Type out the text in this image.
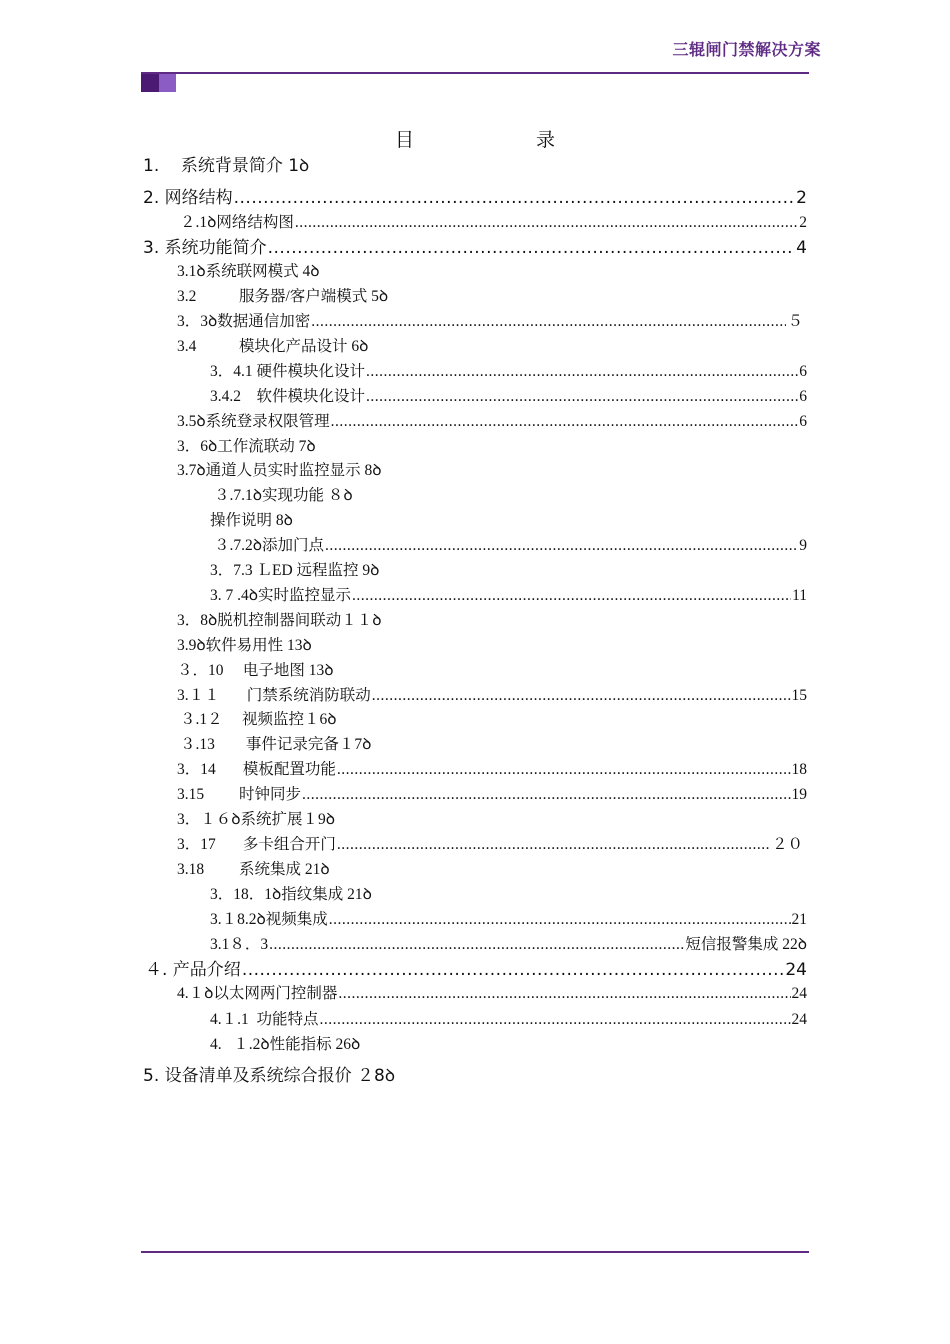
三辊闸门禁解决方案
目　　录
1.    系统背景简介 1ꝺ
2. 网络结构 .....	2
２.1ꝺ网络结构图 .....	2
3. 系统功能简介 .....	4
3.1ꝺ系统联网模式 4ꝺ
3.2           服务器/客户端模式 5ꝺ
3．3ꝺ数据通信加密 .....	５
3.4           模块化产品设计 6ꝺ
3．4.1 硬件模块化设计 .....	6
3.4.2    软件模块化设计 .....	6
3.5ꝺ系统登录权限管理 .....	6
3．6ꝺ工作流联动 7ꝺ
3.7ꝺ通道人员实时监控显示 8ꝺ
３.7.1ꝺ实现功能 ８ꝺ
操作说明 8ꝺ
３.7.2ꝺ添加门点 .....	9
3．7.3 ＬED 远程监控 9ꝺ
3. 7 .4ꝺ实时监控显示 .....	11
3．8ꝺ脱机控制器间联动１１ꝺ
3.9ꝺ软件易用性 13ꝺ
３．10     电子地图 13ꝺ
3.１１       门禁系统消防联动 .....	15
３.1２     视频监控１6ꝺ
３.13        事件记录完备１7ꝺ
3．14       模板配置功能 .....	18
3.15         时钟同步 .....	19
3．１６ꝺ系统扩展１9ꝺ
3．17       多卡组合开门 .....	２０
3.18         系统集成 21ꝺ
3．18．1ꝺ指纹集成 21ꝺ
3.１8.2ꝺ视频集成 .....	21
3.1８．3 .....	短信报警集成 22ꝺ
４. 产品介绍 .....	24
4.１ꝺ以太网两门控制器 .....	24
4.１.1  功能特点 .....	24
4.   １.2ꝺ性能指标 26ꝺ
5. 设备清单及系统综合报价 ２8ꝺ
